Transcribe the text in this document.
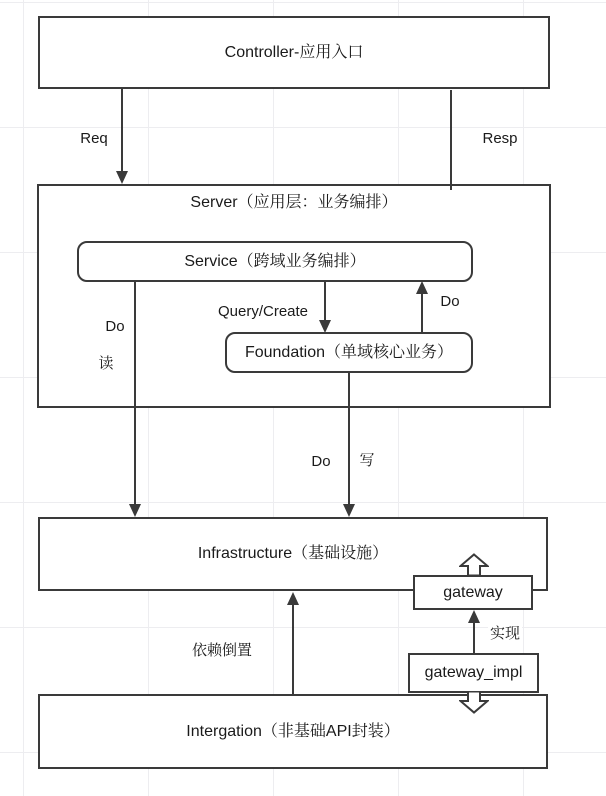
Controller-应用入口
Server（应用层：业务编排）
Infrastructure（基础设施）
Intergation（非基础API封装）
Service（跨域业务编排）
Foundation（单域核心业务）
Req	Resp
Do
读
Query/Create
Do
Do 写
依赖倒置
实现
gateway
gateway_impl
